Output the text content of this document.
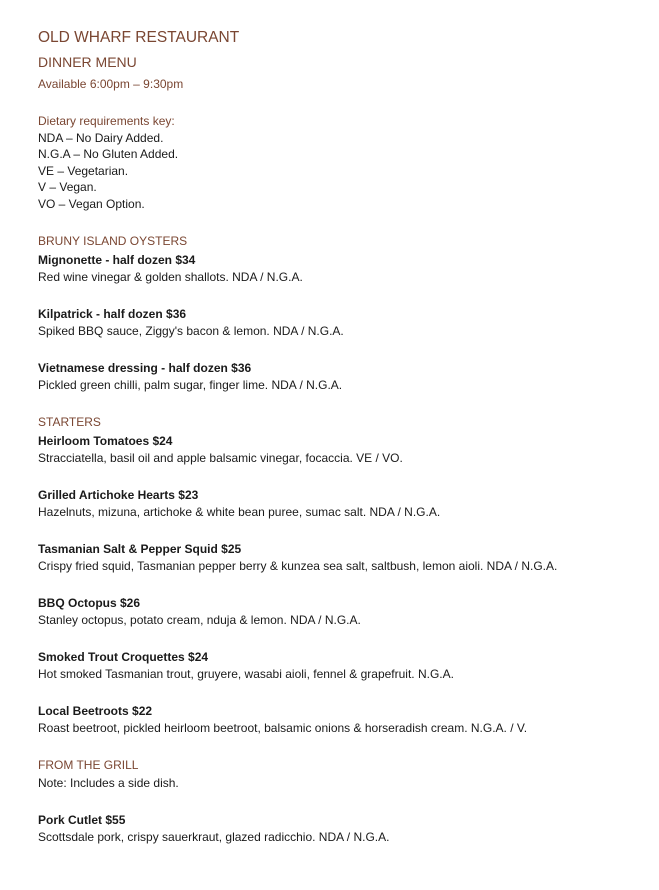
OLD WHARF RESTAURANT
DINNER MENU
Available 6:00pm – 9:30pm
Dietary requirements key:
NDA – No Dairy Added.
N.G.A – No Gluten Added.
VE – Vegetarian.
V – Vegan.
VO – Vegan Option.
BRUNY ISLAND OYSTERS
Mignonette - half dozen $34
Red wine vinegar & golden shallots. NDA / N.G.A.
Kilpatrick - half dozen $36
Spiked BBQ sauce, Ziggy's bacon & lemon. NDA / N.G.A.
Vietnamese dressing - half dozen $36
Pickled green chilli, palm sugar, finger lime. NDA / N.G.A.
STARTERS
Heirloom Tomatoes $24
Stracciatella, basil oil and apple balsamic vinegar, focaccia. VE / VO.
Grilled Artichoke Hearts $23
Hazelnuts, mizuna, artichoke & white bean puree, sumac salt. NDA / N.G.A.
Tasmanian Salt & Pepper Squid $25
Crispy fried squid, Tasmanian pepper berry & kunzea sea salt, saltbush, lemon aioli. NDA / N.G.A.
BBQ Octopus $26
Stanley octopus, potato cream, nduja & lemon. NDA / N.G.A.
Smoked Trout Croquettes $24
Hot smoked Tasmanian trout, gruyere, wasabi aioli, fennel & grapefruit. N.G.A.
Local Beetroots $22
Roast beetroot, pickled heirloom beetroot, balsamic onions & horseradish cream. N.G.A. / V.
FROM THE GRILL
Note: Includes a side dish.
Pork Cutlet $55
Scottsdale pork, crispy sauerkraut, glazed radicchio. NDA / N.G.A.
